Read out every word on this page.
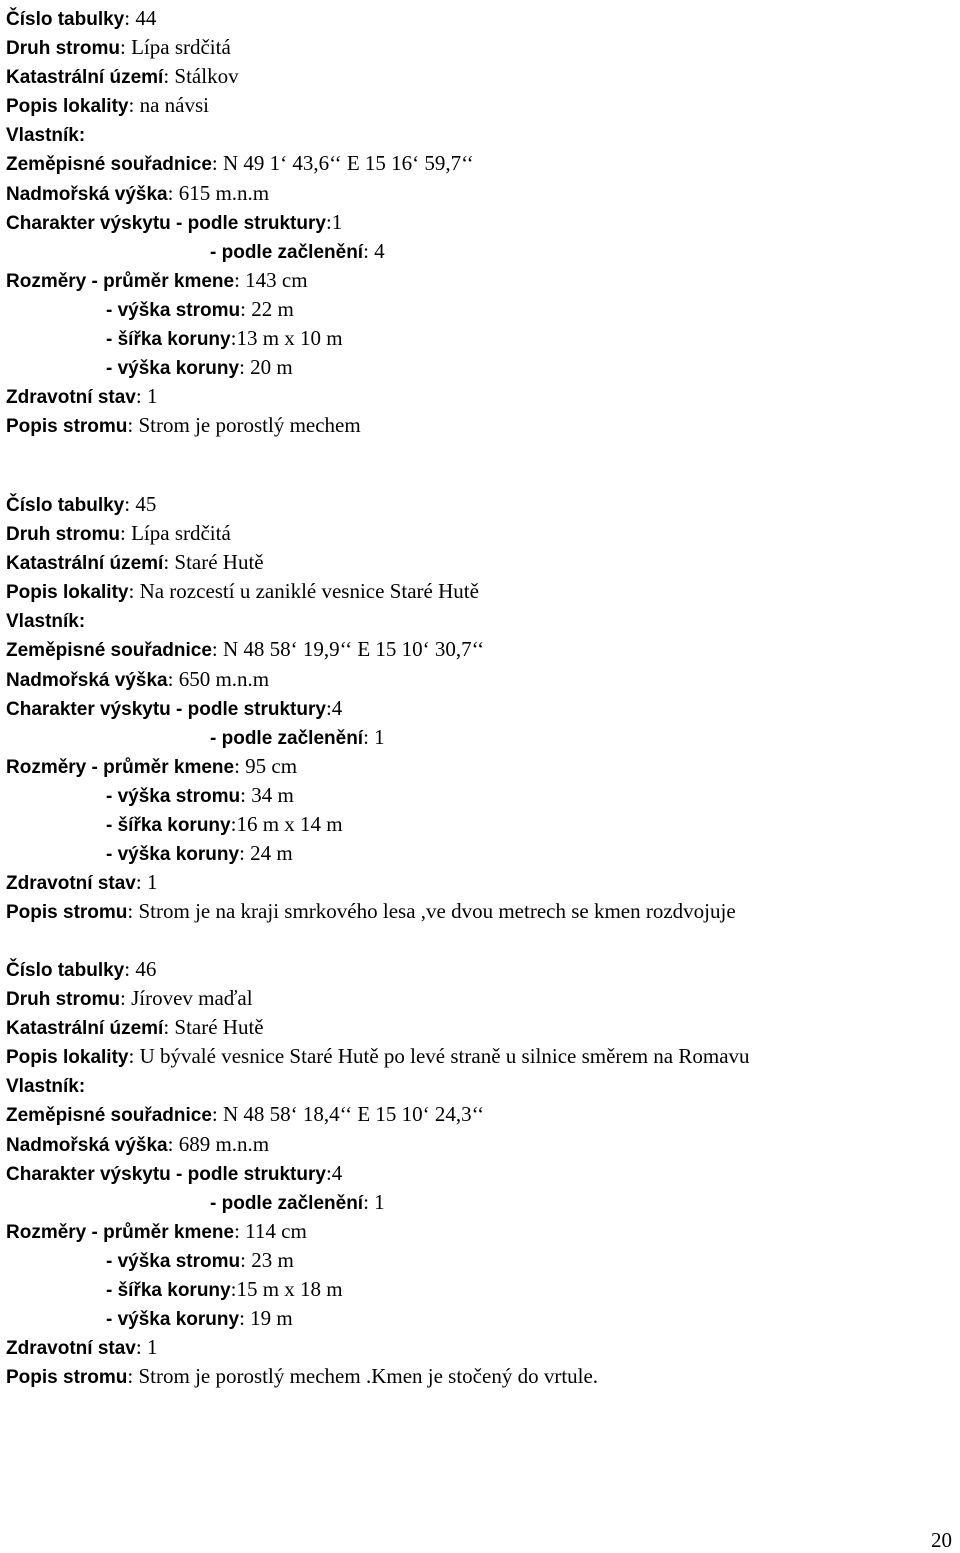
Číslo tabulky: 44
Druh stromu: Lípa srdčitá
Katastrální území: Stálkov
Popis lokality: na návsi
Vlastník:
Zeměpisné souřadnice: N 49 1‘ 43,6‘‘ E 15 16‘ 59,7‘‘
Nadmořská výška: 615 m.n.m
Charakter výskytu - podle struktury:1
- podle začlenění: 4
Rozměry - průměr kmene: 143 cm
- výška stromu: 22 m
- šířka koruny:13 m x 10 m
- výška koruny: 20 m
Zdravotní stav: 1
Popis stromu: Strom je porostlý mechem
Číslo tabulky: 45
Druh stromu: Lípa srdčitá
Katastrální území: Staré Hutě
Popis lokality: Na rozcestí u zaniklé vesnice Staré Hutě
Vlastník:
Zeměpisné souřadnice: N 48 58‘ 19,9‘‘ E 15 10‘ 30,7‘‘
Nadmořská výška: 650 m.n.m
Charakter výskytu - podle struktury:4
- podle začlenění: 1
Rozměry - průměr kmene: 95 cm
- výška stromu: 34 m
- šířka koruny:16 m x 14 m
- výška koruny: 24 m
Zdravotní stav: 1
Popis stromu: Strom je na kraji smrkového lesa ,ve dvou metrech se kmen rozdvojuje
Číslo tabulky: 46
Druh stromu: Jírovev maďal
Katastrální území: Staré Hutě
Popis lokality: U bývalé vesnice Staré Hutě po levé straně u silnice směrem na Romavu
Vlastník:
Zeměpisné souřadnice: N 48 58‘ 18,4‘‘ E 15 10‘ 24,3‘‘
Nadmořská výška: 689 m.n.m
Charakter výskytu - podle struktury:4
- podle začlenění: 1
Rozměry - průměr kmene: 114 cm
- výška stromu: 23 m
- šířka koruny:15 m x 18 m
- výška koruny: 19 m
Zdravotní stav: 1
Popis stromu: Strom je porostlý mechem .Kmen je stočený do vrtule.
20
